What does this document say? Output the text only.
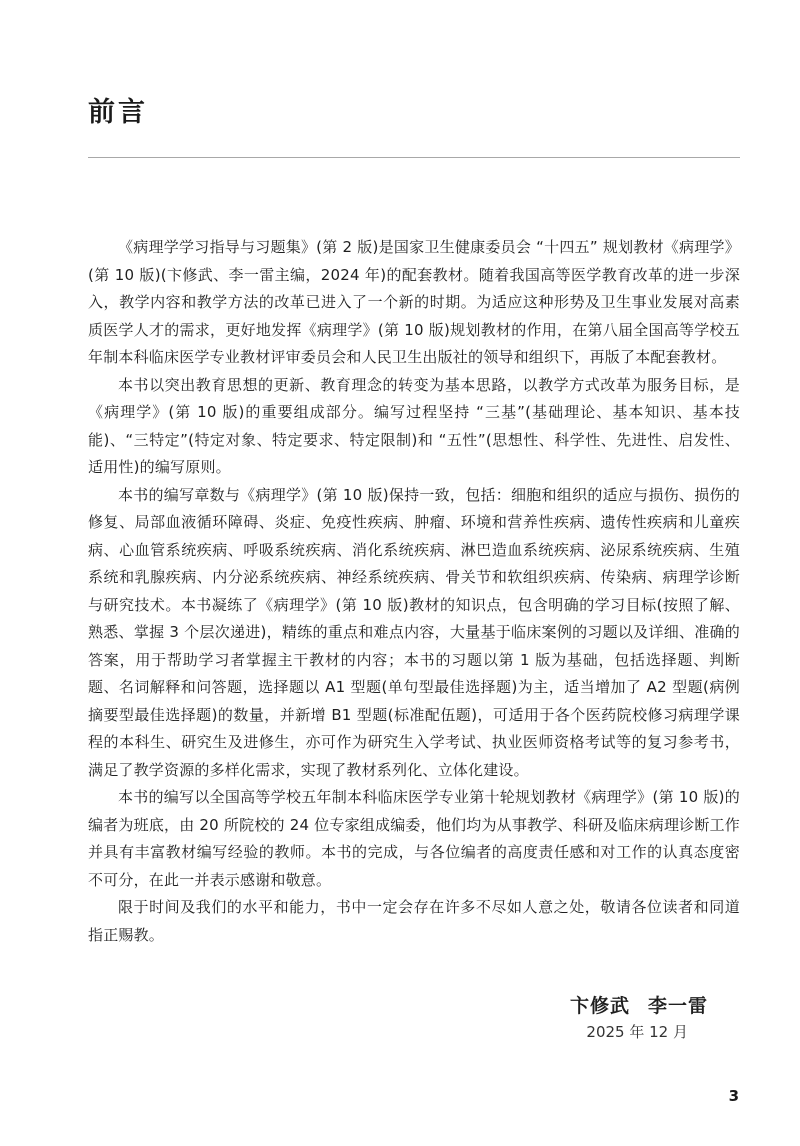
前言

《病理学学习指导与习题集》(第 2 版)是国家卫生健康委员会 “十四五” 规划教材《病理学》(第 10 版)(卞修武、李一雷主编，2024 年)的配套教材。随着我国高等医学教育改革的进一步深入，教学内容和教学方法的改革已进入了一个新的时期。为适应这种形势及卫生事业发展对高素质医学人才的需求，更好地发挥《病理学》(第 10 版)规划教材的作用，在第八届全国高等学校五年制本科临床医学专业教材评审委员会和人民卫生出版社的领导和组织下，再版了本配套教材。

本书以突出教育思想的更新、教育理念的转变为基本思路，以教学方式改革为服务目标，是《病理学》(第 10 版)的重要组成部分。编写过程坚持 “三基”(基础理论、基本知识、基本技能)、“三特定”(特定对象、特定要求、特定限制)和 “五性”(思想性、科学性、先进性、启发性、适用性)的编写原则。

本书的编写章数与《病理学》(第 10 版)保持一致，包括：细胞和组织的适应与损伤、损伤的修复、局部血液循环障碍、炎症、免疫性疾病、肿瘤、环境和营养性疾病、遗传性疾病和儿童疾病、心血管系统疾病、呼吸系统疾病、消化系统疾病、淋巴造血系统疾病、泌尿系统疾病、生殖系统和乳腺疾病、内分泌系统疾病、神经系统疾病、骨关节和软组织疾病、传染病、病理学诊断与研究技术。本书凝练了《病理学》(第 10 版)教材的知识点，包含明确的学习目标(按照了解、熟悉、掌握 3 个层次递进)，精练的重点和难点内容，大量基于临床案例的习题以及详细、准确的答案，用于帮助学习者掌握主干教材的内容；本书的习题以第 1 版为基础，包括选择题、判断题、名词解释和问答题，选择题以 A1 型题(单句型最佳选择题)为主，适当增加了 A2 型题(病例摘要型最佳选择题)的数量，并新增 B1 型题(标准配伍题)，可适用于各个医药院校修习病理学课程的本科生、研究生及进修生，亦可作为研究生入学考试、执业医师资格考试等的复习参考书，满足了教学资源的多样化需求，实现了教材系列化、立体化建设。

本书的编写以全国高等学校五年制本科临床医学专业第十轮规划教材《病理学》(第 10 版)的编者为班底，由 20 所院校的 24 位专家组成编委，他们均为从事教学、科研及临床病理诊断工作并具有丰富教材编写经验的教师。本书的完成，与各位编者的高度责任感和对工作的认真态度密不可分，在此一并表示感谢和敬意。

限于时间及我们的水平和能力，书中一定会存在许多不尽如人意之处，敬请各位读者和同道指正赐教。

卞修武 李一雷

2025 年 12 月

3
